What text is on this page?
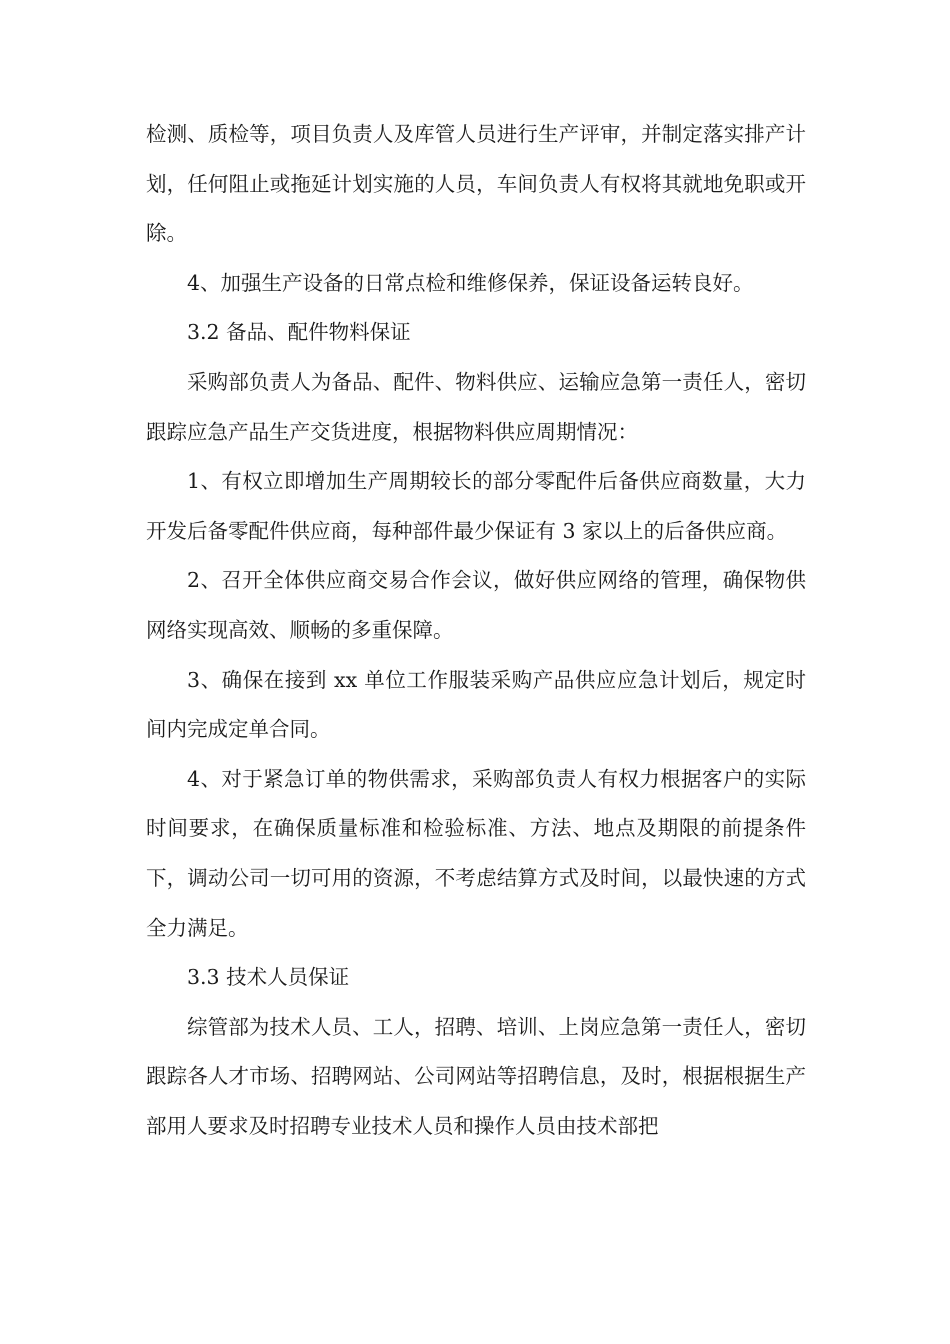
检测、质检等，项目负责人及库管人员进行生产评审，并制定落实排产计划，任何阻止或拖延计划实施的人员，车间负责人有权将其就地免职或开除。

4、加强生产设备的日常点检和维修保养，保证设备运转良好。

3.2 备品、配件物料保证

采购部负责人为备品、配件、物料供应、运输应急第一责任人，密切跟踪应急产品生产交货进度，根据物料供应周期情况：

1、有权立即增加生产周期较长的部分零配件后备供应商数量，大力开发后备零配件供应商，每种部件最少保证有 3 家以上的后备供应商。

2、召开全体供应商交易合作会议，做好供应网络的管理，确保物供网络实现高效、顺畅的多重保障。

3、确保在接到 xx 单位工作服装采购产品供应应急计划后，规定时间内完成定单合同。

4、对于紧急订单的物供需求，采购部负责人有权力根据客户的实际时间要求，在确保质量标准和检验标准、方法、地点及期限的前提条件下，调动公司一切可用的资源，不考虑结算方式及时间，以最快速的方式全力满足。

3.3 技术人员保证

综管部为技术人员、工人，招聘、培训、上岗应急第一责任人，密切跟踪各人才市场、招聘网站、公司网站等招聘信息，及时，根据根据生产部用人要求及时招聘专业技术人员和操作人员由技术部把
